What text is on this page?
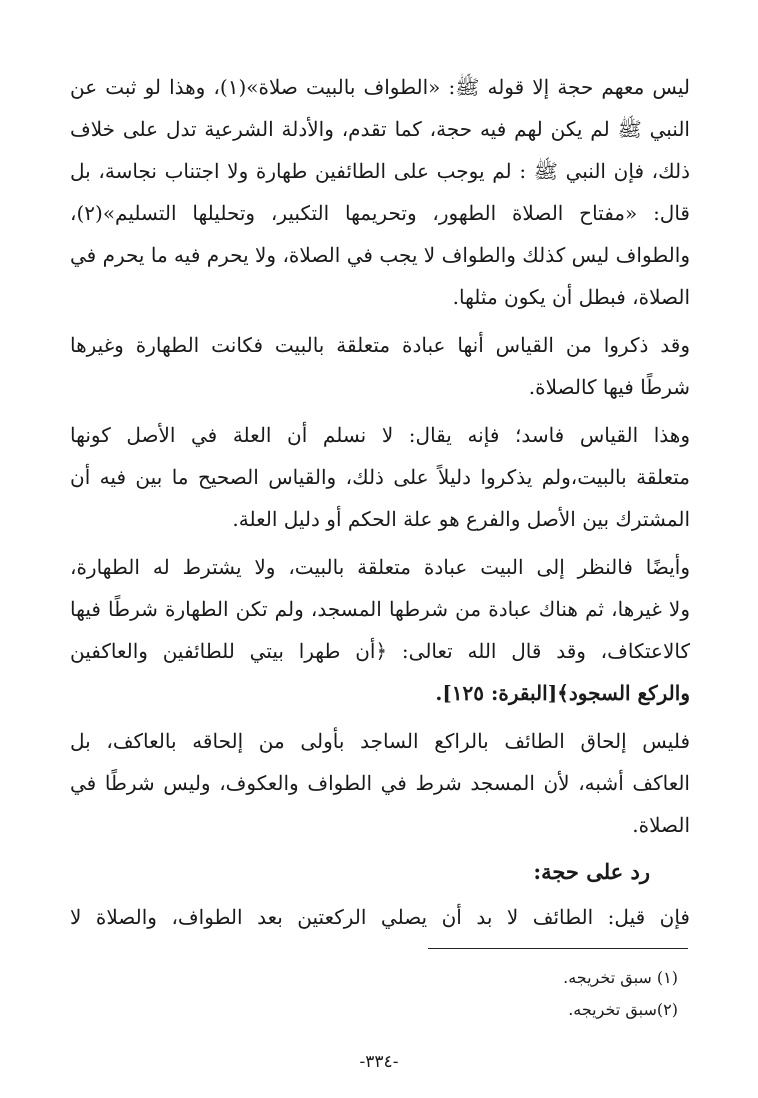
ليس معهم حجة إلا قوله ﷺ: «الطواف بالبيت صلاة»(١)، وهذا لو ثبت عن
النبي ﷺ لم يكن لهم فيه حجة، كما تقدم، والأدلة الشرعية تدل على خلاف
ذلك، فإن النبي ﷺ : لم يوجب على الطائفين طهارة ولا اجتناب نجاسة، بل
قال: «مفتاح الصلاة الطهور، وتحريمها التكبير، وتحليلها التسليم»(٢)،
والطواف ليس كذلك والطواف لا يجب في الصلاة، ولا يحرم فيه ما يحرم في
الصلاة، فبطل أن يكون مثلها.
وقد ذكروا من القياس أنها عبادة متعلقة بالبيت فكانت الطهارة وغيرها
شرطًا فيها كالصلاة.
وهذا القياس فاسد؛ فإنه يقال: لا نسلم أن العلة في الأصل كونها
متعلقة بالبيت،ولم يذكروا دليلاً على ذلك، والقياس الصحيح ما بين فيه أن
المشترك بين الأصل والفرع هو علة الحكم أو دليل العلة.
وأيضًا فالنظر إلى البيت عبادة متعلقة بالبيت، ولا يشترط له الطهارة،
ولا غيرها، ثم هناك عبادة من شرطها المسجد، ولم تكن الطهارة شرطًا فيها
كالاعتكاف، وقد قال الله تعالى: ﴿أن طهرا بيتي للطائفين والعاكفين
والركع السجود﴾[البقرة: ١٢٥].
فليس إلحاق الطائف بالراكع الساجد بأولى من إلحاقه بالعاكف، بل
العاكف أشبه، لأن المسجد شرط في الطواف والعكوف، وليس شرطًا في
الصلاة.
رد على حجة:
فإن قيل: الطائف لا بد أن يصلي الركعتين بعد الطواف، والصلاة لا
(١) سبق تخريجه.
(٢)سبق تخريجه.
-٣٣٤-
